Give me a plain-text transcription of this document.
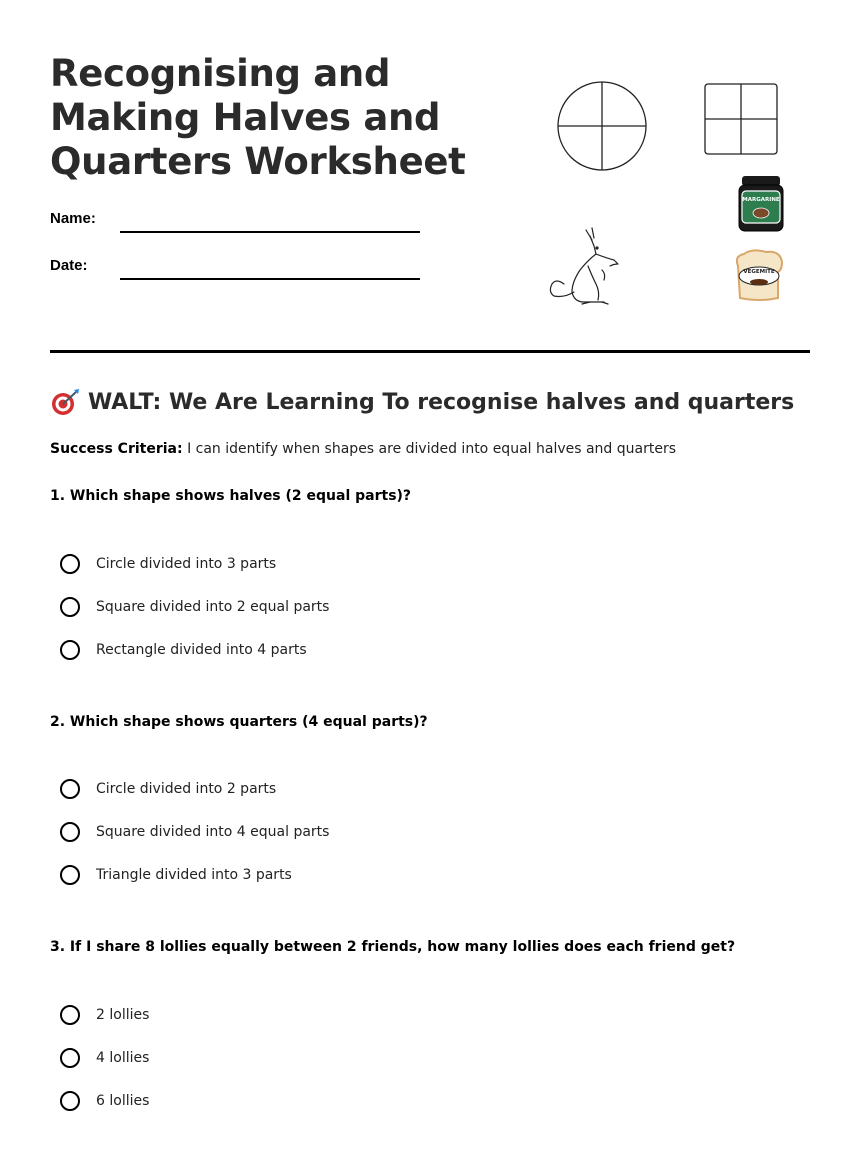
Recognising and Making Halves and Quarters Worksheet
Name:
Date:
MARGARINE
VEGEMITE
WALT: We Are Learning To recognise halves and quarters
Success Criteria: I can identify when shapes are divided into equal halves and quarters
1. Which shape shows halves (2 equal parts)?
Circle divided into 3 parts
Square divided into 2 equal parts
Rectangle divided into 4 parts
2. Which shape shows quarters (4 equal parts)?
Circle divided into 2 parts
Square divided into 4 equal parts
Triangle divided into 3 parts
3. If I share 8 lollies equally between 2 friends, how many lollies does each friend get?
2 lollies
4 lollies
6 lollies
